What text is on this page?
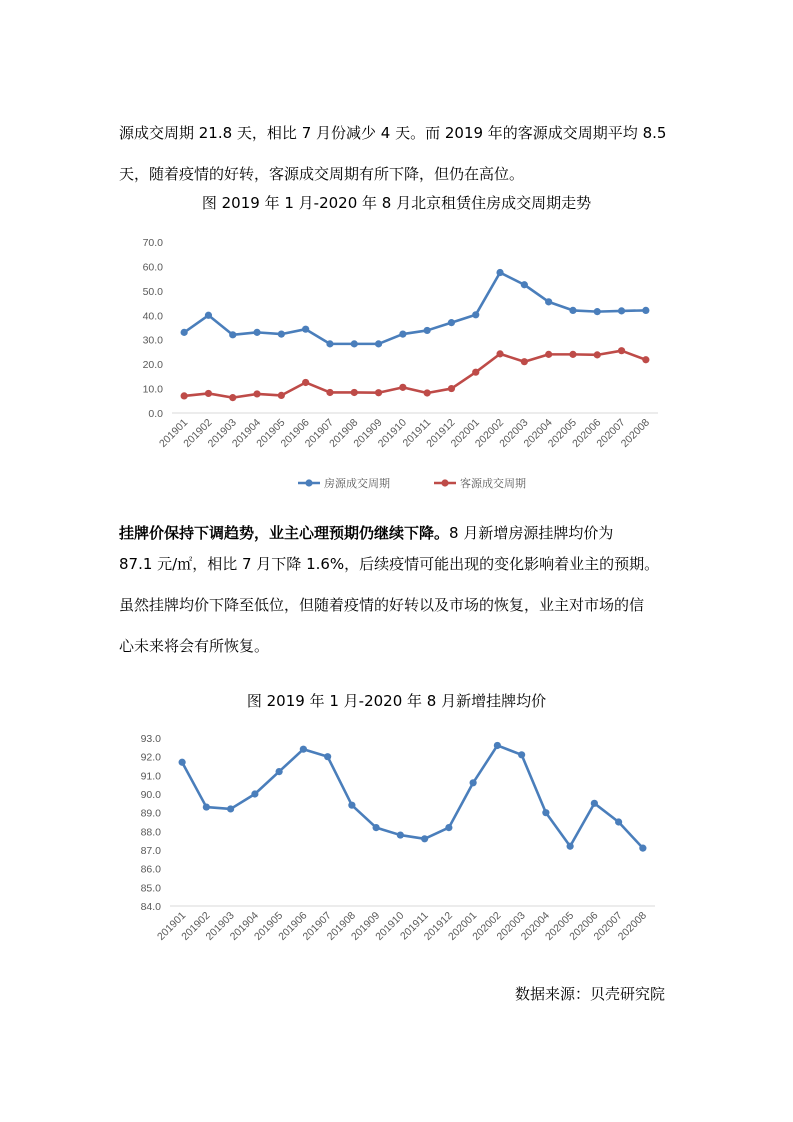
源成交周期 21.8 天，相比 7 月份减少 4 天。而 2019 年的客源成交周期平均 8.5

天，随着疫情的好转，客源成交周期有所下降，但仍在高位。

图 2019 年 1 月-2020 年 8 月北京租赁住房成交周期走势
0.0
10.0
20.0
30.0
40.0
50.0
60.0
70.0
201901
201902
201903
201904
201905
201906
201907
201908
201909
201910
201911
201912
202001
202002
202003
202004
202005
202006
202007
202008
房源成交周期	客源成交周期
挂牌价保持下调趋势，业主心理预期仍继续下降。8 月新增房源挂牌均价为

87.1 元/㎡，相比 7 月下降 1.6%，后续疫情可能出现的变化影响着业主的预期。

虽然挂牌均价下降至低位，但随着疫情的好转以及市场的恢复，业主对市场的信

心未来将会有所恢复。

图 2019 年 1 月-2020 年 8 月新增挂牌均价
84.0
85.0
86.0
87.0
88.0
89.0
90.0
91.0
92.0
93.0
201901
201902
201903
201904
201905
201906
201907
201908
201909
201910
201911
201912
202001
202002
202003
202004
202005
202006
202007
202008
数据来源：贝壳研究院
